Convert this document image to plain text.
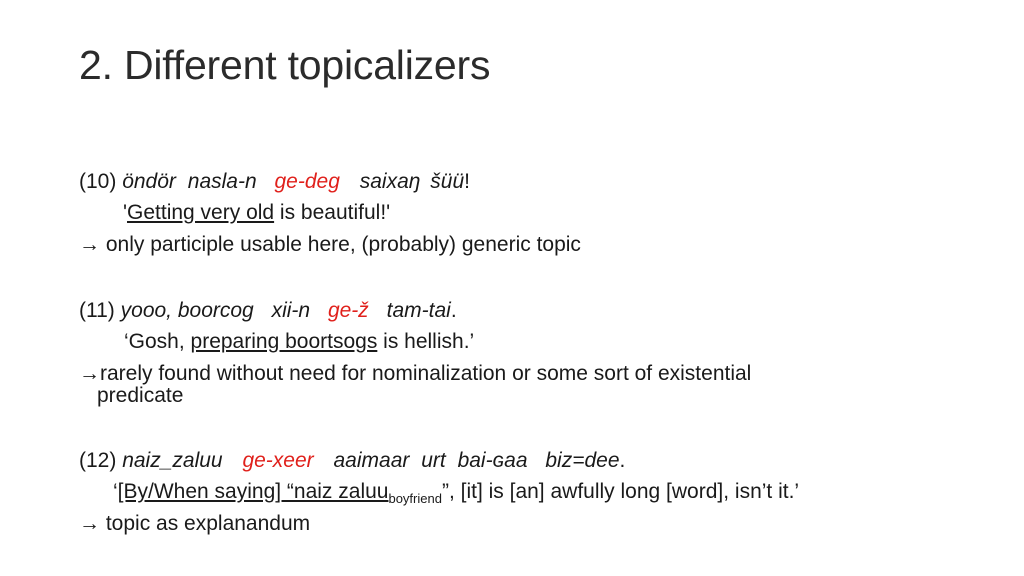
2. Different topicalizers
(10) öndör nasla-n ge-deg saixaŋ šüü!
'Getting very old is beautiful!'
→ only participle usable here, (probably) generic topic
(11) yooo, boorcog xii-n ge-ž tam-tai.
‘Gosh, preparing boortsogs is hellish.’
→rarely found without need for nominalization or some sort of existential
predicate
(12) naiz_zaluu ge-xeer aaimaar urt bai-ɢaa biz=dee.
‘[By/When saying] “naiz zaluu$_{boyfriend}$”, [it] is [an] awfully long [word], isn’t it.’
→ topic as explanandum
